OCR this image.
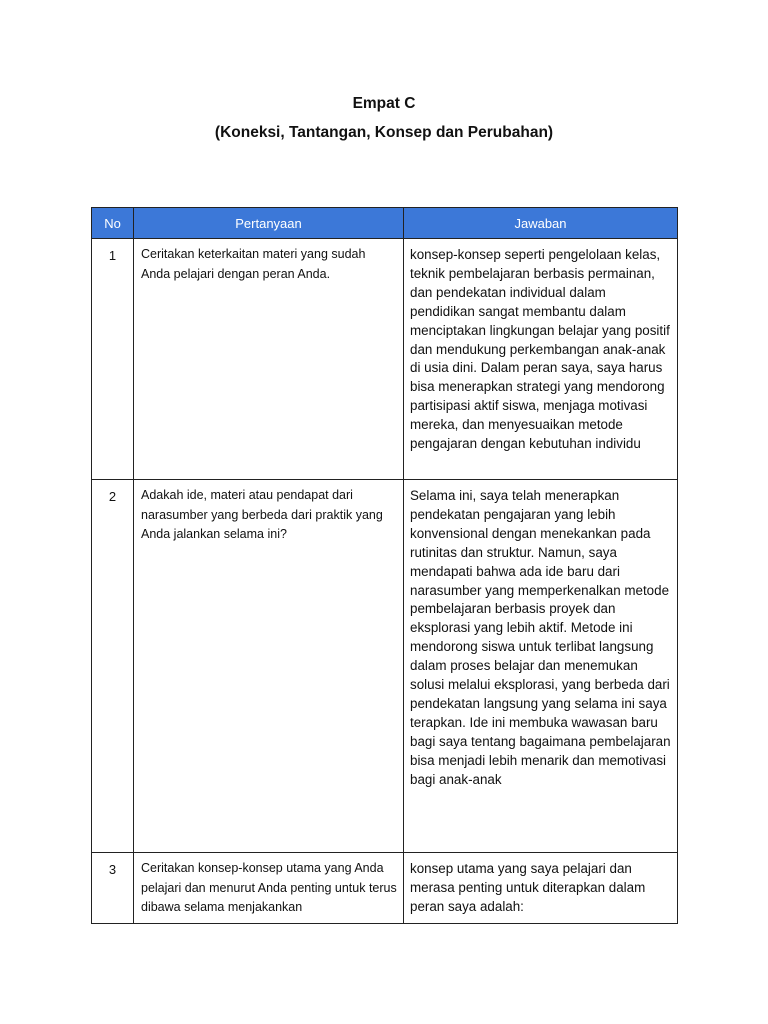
Empat C
(Koneksi, Tantangan, Konsep dan Perubahan)
No	Pertanyaan	Jawaban
1	Ceritakan keterkaitan materi yang sudah Anda pelajari dengan peran Anda.	konsep-konsep seperti pengelolaan kelas, teknik pembelajaran berbasis permainan, dan pendekatan individual dalam pendidikan sangat membantu dalam menciptakan lingkungan belajar yang positif dan mendukung perkembangan anak-anak di usia dini. Dalam peran saya, saya harus bisa menerapkan strategi yang mendorong partisipasi aktif siswa, menjaga motivasi mereka, dan menyesuaikan metode pengajaran dengan kebutuhan individu
2	Adakah ide, materi atau pendapat dari narasumber yang berbeda dari praktik yang Anda jalankan selama ini?	Selama ini, saya telah menerapkan pendekatan pengajaran yang lebih konvensional dengan menekankan pada rutinitas dan struktur. Namun, saya mendapati bahwa ada ide baru dari narasumber yang memperkenalkan metode pembelajaran berbasis proyek dan eksplorasi yang lebih aktif. Metode ini mendorong siswa untuk terlibat langsung dalam proses belajar dan menemukan solusi melalui eksplorasi, yang berbeda dari pendekatan langsung yang selama ini saya terapkan. Ide ini membuka wawasan baru bagi saya tentang bagaimana pembelajaran bisa menjadi lebih menarik dan memotivasi bagi anak-anak
3	Ceritakan konsep-konsep utama yang Anda pelajari dan menurut Anda penting untuk terus dibawa selama menjakankan	konsep utama yang saya pelajari dan merasa penting untuk diterapkan dalam peran saya adalah:
